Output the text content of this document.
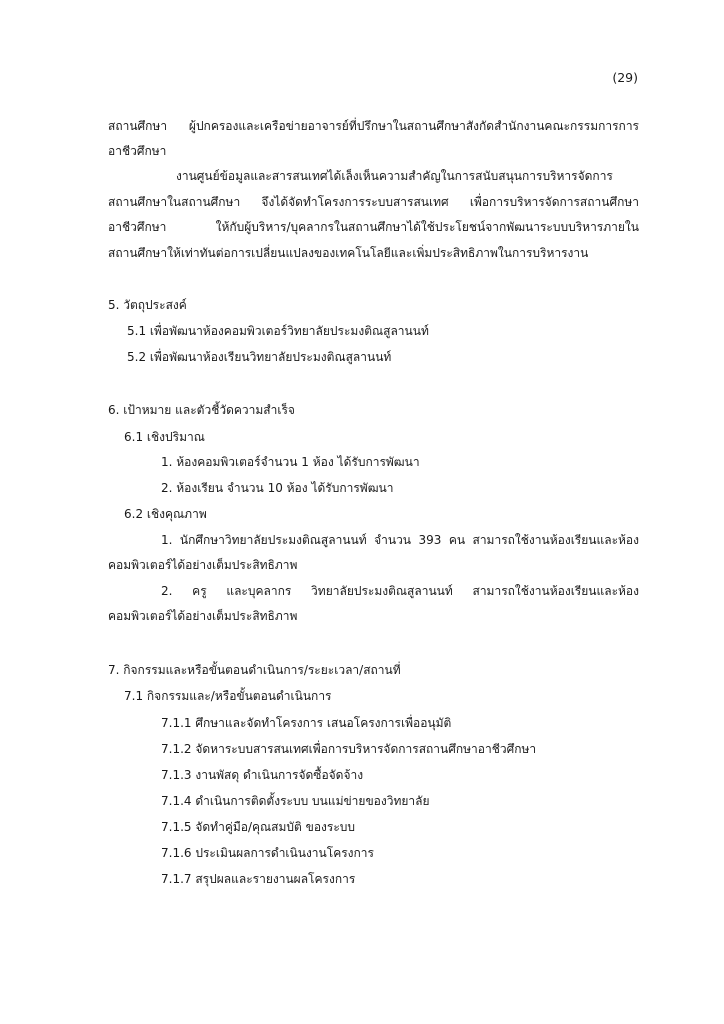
(29)
สถานศึกษา ผู้ปกครองและเครือข่ายอาจารย์ที่ปรึกษาในสถานศึกษาสังกัดสำนักงานคณะกรรมการการ
อาชีวศึกษา
งานศูนย์ข้อมูลและสารสนเทศได้เล็งเห็นความสำคัญในการสนับสนุนการบริหารจัดการ
สถานศึกษาในสถานศึกษา จึงได้จัดทำโครงการระบบสารสนเทศ เพื่อการบริหารจัดการสถานศึกษา
อาชีวศึกษา ให้กับผู้บริหาร/บุคลากรในสถานศึกษาได้ใช้ประโยชน์จากพัฒนาระบบบริหารภายใน
สถานศึกษาให้เท่าทันต่อการเปลี่ยนแปลงของเทคโนโลยีและเพิ่มประสิทธิภาพในการบริหารงาน
5. วัตถุประสงค์
5.1 เพื่อพัฒนาห้องคอมพิวเตอร์วิทยาลัยประมงติณสูลานนท์
5.2 เพื่อพัฒนาห้องเรียนวิทยาลัยประมงติณสูลานนท์
6. เป้าหมาย และตัวชี้วัดความสำเร็จ
6.1 เชิงปริมาณ
1. ห้องคอมพิวเตอร์จำนวน 1 ห้อง ได้รับการพัฒนา
2. ห้องเรียน จำนวน 10 ห้อง ได้รับการพัฒนา
6.2 เชิงคุณภาพ
1. นักศึกษาวิทยาลัยประมงติณสูลานนท์ จำนวน 393 คน สามารถใช้งานห้องเรียนและห้อง
คอมพิวเตอร์ได้อย่างเต็มประสิทธิภาพ
2. ครู และบุคลากร วิทยาลัยประมงติณสูลานนท์ สามารถใช้งานห้องเรียนและห้อง
คอมพิวเตอร์ได้อย่างเต็มประสิทธิภาพ
7. กิจกรรมและหรือขั้นตอนดำเนินการ/ระยะเวลา/สถานที่
7.1 กิจกรรมและ/หรือขั้นตอนดำเนินการ
7.1.1 ศึกษาและจัดทำโครงการ เสนอโครงการเพื่ออนุมัติ
7.1.2 จัดหาระบบสารสนเทศเพื่อการบริหารจัดการสถานศึกษาอาชีวศึกษา
7.1.3 งานพัสดุ ดำเนินการจัดซื้อจัดจ้าง
7.1.4 ดำเนินการติดตั้งระบบ บนแม่ข่ายของวิทยาลัย
7.1.5 จัดทำคู่มือ/คุณสมบัติ ของระบบ
7.1.6 ประเมินผลการดำเนินงานโครงการ
7.1.7 สรุปผลและรายงานผลโครงการ
